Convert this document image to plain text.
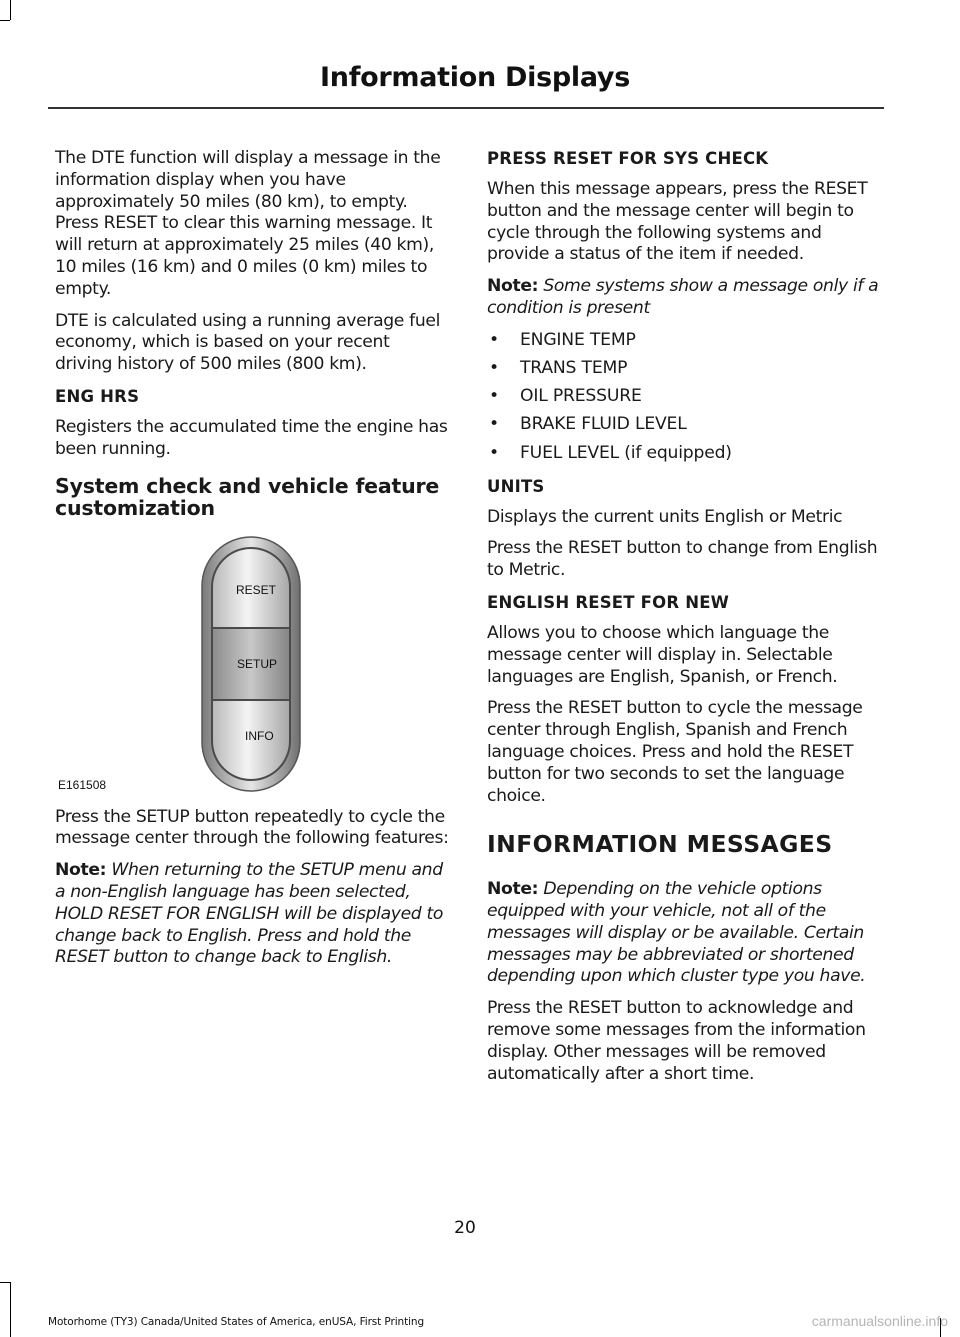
Information Displays

The DTE function will display a message in the information display when you have approximately 50 miles (80 km), to empty. Press RESET to clear this warning message. It will return at approximately 25 miles (40 km), 10 miles (16 km) and 0 miles (0 km) miles to empty.

DTE is calculated using a running average fuel economy, which is based on your recent driving history of 500 miles (800 km).

ENG HRS

Registers the accumulated time the engine has been running.

System check and vehicle feature customization
RESET
SETUP
INFO
E161508

Press the SETUP button repeatedly to cycle the message center through the following features:

Note: When returning to the SETUP menu and a non-English language has been selected, HOLD RESET FOR ENGLISH will be displayed to change back to English. Press and hold the RESET button to change back to English.

PRESS RESET FOR SYS CHECK

When this message appears, press the RESET button and the message center will begin to cycle through the following systems and provide a status of the item if needed.

Note: Some systems show a message only if a condition is present

• ENGINE TEMP
• TRANS TEMP
• OIL PRESSURE
• BRAKE FLUID LEVEL
• FUEL LEVEL (if equipped)
UNITS

Displays the current units English or Metric

Press the RESET button to change from English to Metric.

ENGLISH RESET FOR NEW

Allows you to choose which language the message center will display in. Selectable languages are English, Spanish, or French.

Press the RESET button to cycle the message center through English, Spanish and French language choices. Press and hold the RESET button for two seconds to set the language choice.

INFORMATION MESSAGES

Note: Depending on the vehicle options equipped with your vehicle, not all of the messages will display or be available. Certain messages may be abbreviated or shortened depending upon which cluster type you have.

Press the RESET button to acknowledge and remove some messages from the information display. Other messages will be removed automatically after a short time.

20
Motorhome (TY3) Canada/United States of America, enUSA, First Printing	carmanualsonline.info
